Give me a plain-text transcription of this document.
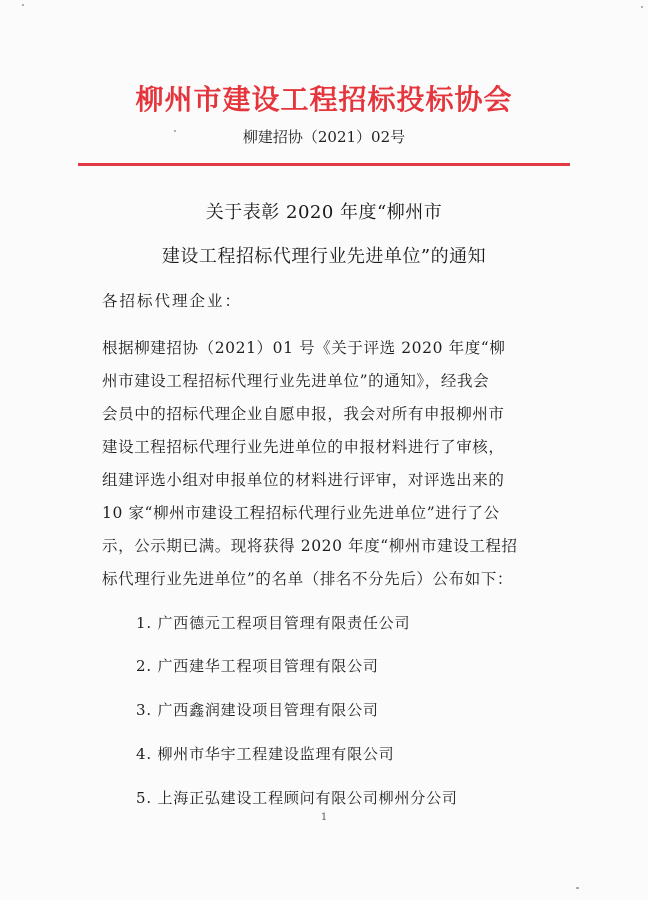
柳州市建设工程招标投标协会
柳建招协（2021）02号
关于表彰 2020 年度“柳州市
建设工程招标代理行业先进单位”的通知
各招标代理企业：
根据柳建招协（2021）01 号《关于评选 2020 年度“柳
州市建设工程招标代理行业先进单位”的通知》，经我会
会员中的招标代理企业自愿申报，我会对所有申报柳州市
建设工程招标代理行业先进单位的申报材料进行了审核，
组建评选小组对申报单位的材料进行评审，对评选出来的
10 家“柳州市建设工程招标代理行业先进单位”进行了公
示，公示期已满。现将获得 2020 年度“柳州市建设工程招
标代理行业先进单位”的名单（排名不分先后）公布如下：
1. 广西德元工程项目管理有限责任公司
2. 广西建华工程项目管理有限公司
3. 广西鑫润建设项目管理有限公司
4. 柳州市华宇工程建设监理有限公司
5. 上海正弘建设工程顾问有限公司柳州分公司
1
